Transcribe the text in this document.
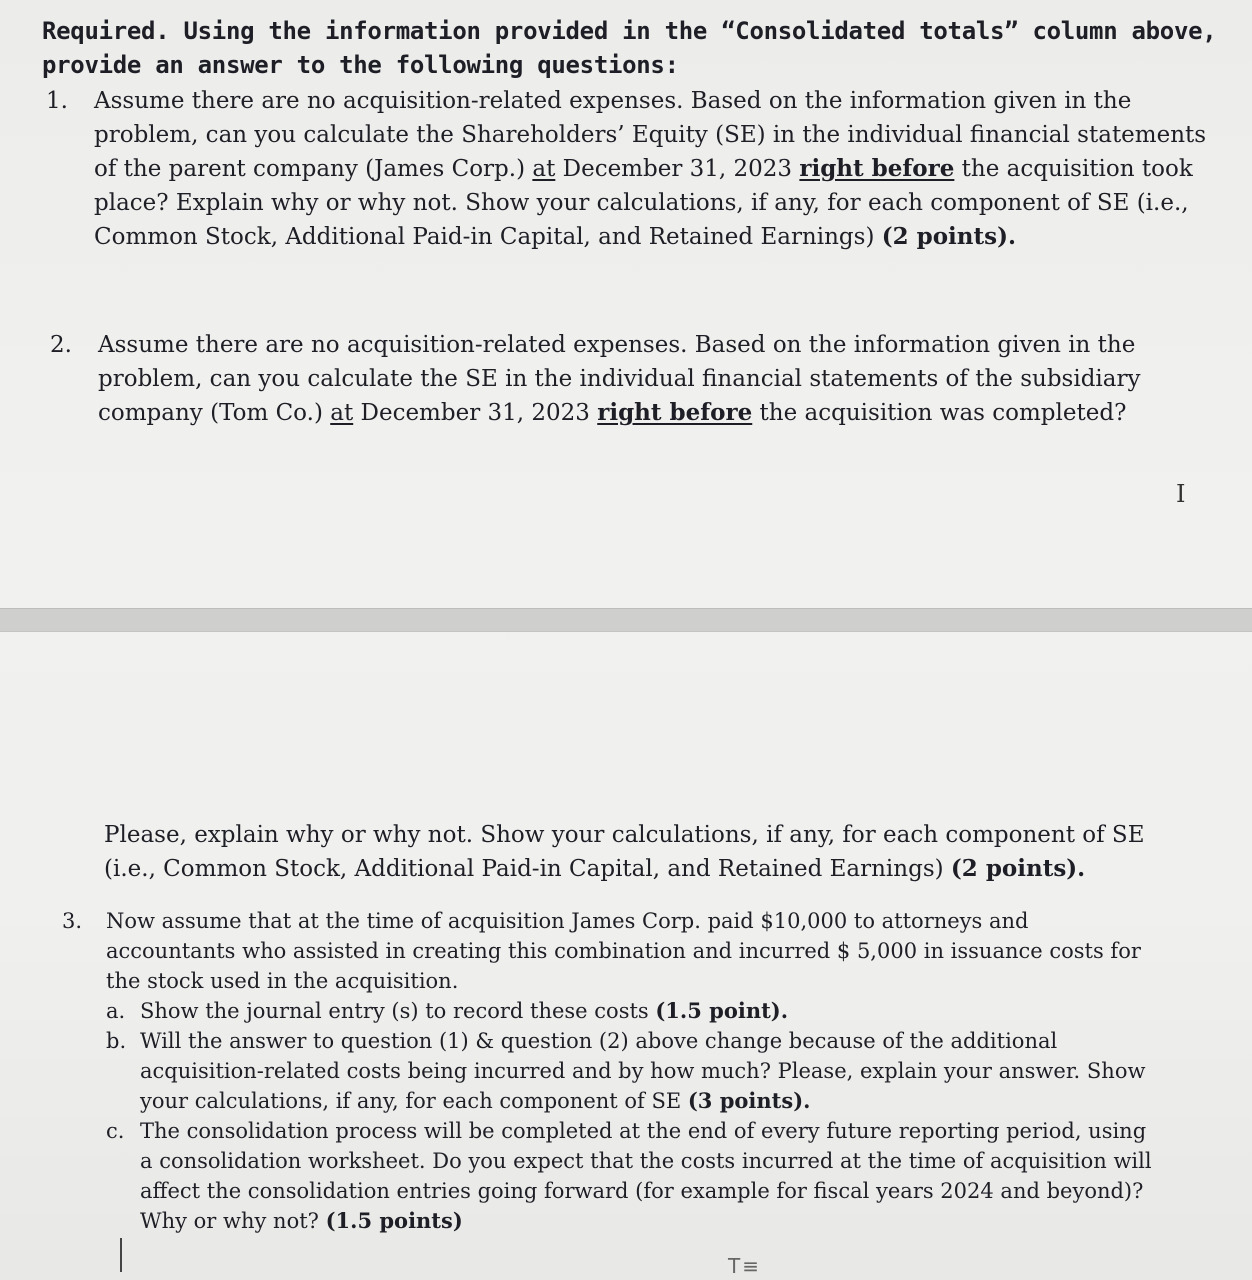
Required. Using the information provided in the “Consolidated totals” column above, provide an answer to the following questions:
1. Assume there are no acquisition-related expenses. Based on the information given in the problem, can you calculate the Shareholders’ Equity (SE) in the individual financial statements of the parent company (James Corp.) at December 31, 2023 right before the acquisition took place? Explain why or why not. Show your calculations, if any, for each component of SE (i.e., Common Stock, Additional Paid-in Capital, and Retained Earnings) (2 points).
2. Assume there are no acquisition-related expenses. Based on the information given in the problem, can you calculate the SE in the individual financial statements of the subsidiary company (Tom Co.) at December 31, 2023 right before the acquisition was completed?
I
Please, explain why or why not. Show your calculations, if any, for each component of SE (i.e., Common Stock, Additional Paid-in Capital, and Retained Earnings) (2 points).
3. Now assume that at the time of acquisition James Corp. paid $10,000 to attorneys and accountants who assisted in creating this combination and incurred $ 5,000 in issuance costs for the stock used in the acquisition.
a. Show the journal entry (s) to record these costs (1.5 point).
b. Will the answer to question (1) & question (2) above change because of the additional acquisition-related costs being incurred and by how much? Please, explain your answer. Show your calculations, if any, for each component of SE (3 points).
c. The consolidation process will be completed at the end of every future reporting period, using a consolidation worksheet. Do you expect that the costs incurred at the time of acquisition will affect the consolidation entries going forward (for example for fiscal years 2024 and beyond)? Why or why not? (1.5 points)
T≡
